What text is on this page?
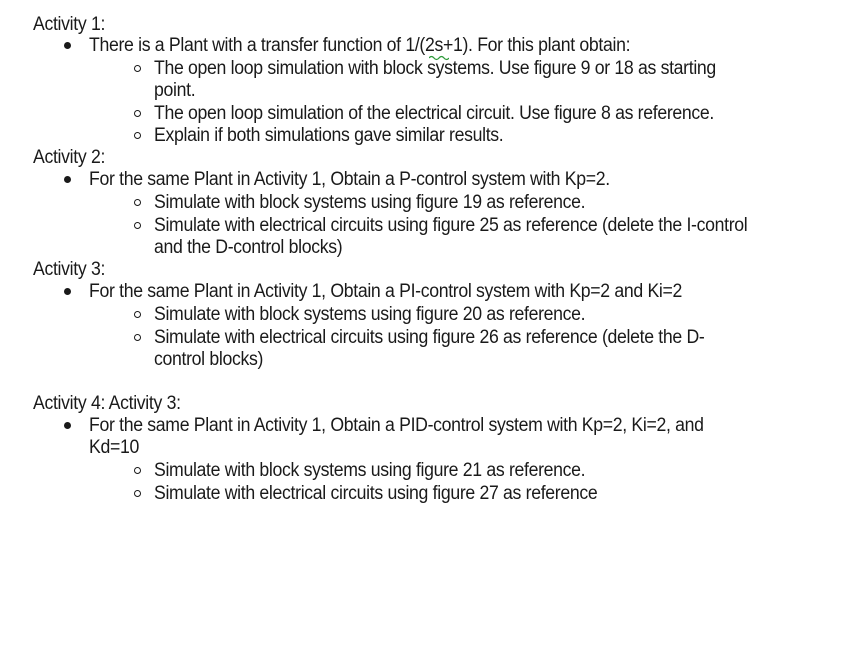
Activity 1:
There is a Plant with a transfer function of 1/(2s+1). For this plant obtain:
The open loop simulation with block systems. Use figure 9 or 18 as starting
point.
The open loop simulation of the electrical circuit. Use figure 8 as reference.
Explain if both simulations gave similar results.
Activity 2:
For the same Plant in Activity 1, Obtain a P-control system with Kp=2.
Simulate with block systems using figure 19 as reference.
Simulate with electrical circuits using figure 25 as reference (delete the I-control
and the D-control blocks)
Activity 3:
For the same Plant in Activity 1, Obtain a PI-control system with Kp=2 and Ki=2
Simulate with block systems using figure 20 as reference.
Simulate with electrical circuits using figure 26 as reference (delete the D-
control blocks)
Activity 4: Activity 3:
For the same Plant in Activity 1, Obtain a PID-control system with Kp=2, Ki=2, and
Kd=10
Simulate with block systems using figure 21 as reference.
Simulate with electrical circuits using figure 27 as reference
